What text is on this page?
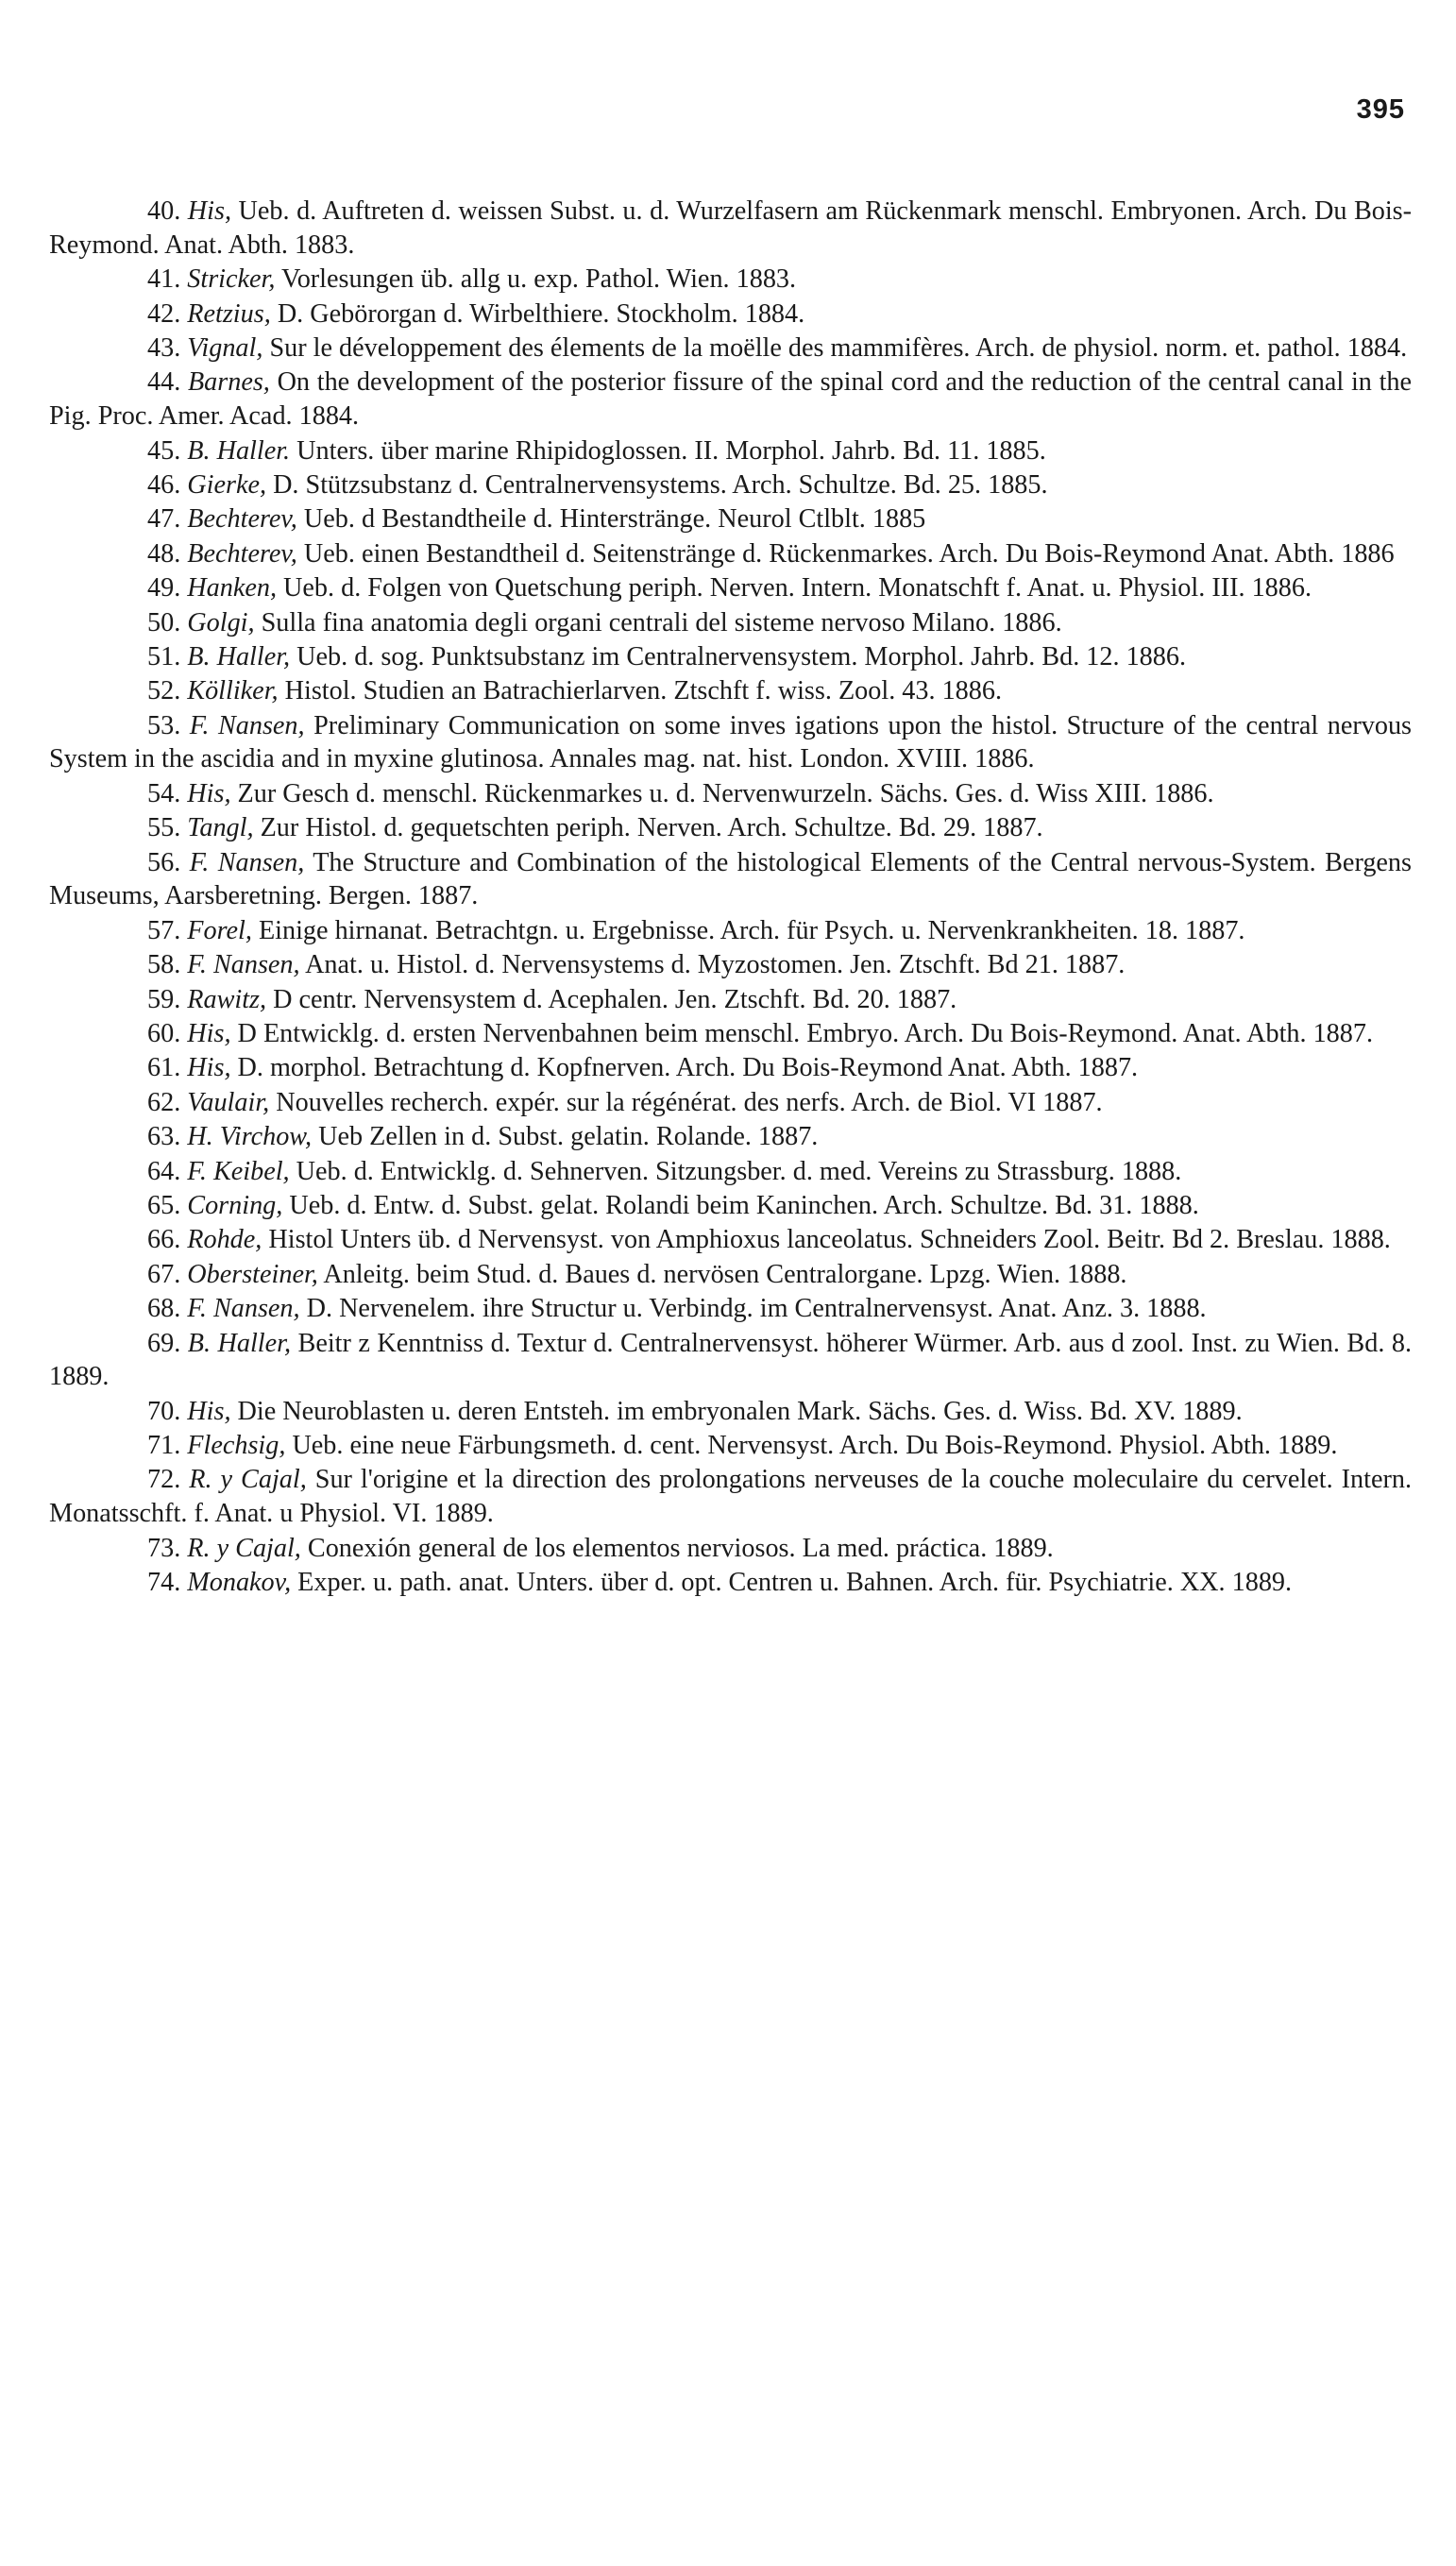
395
40. His, Ueb. d. Auftreten d. weissen Subst. u. d. Wurzelfasern am Rückenmark menschl. Embryonen. Arch. Du Bois-Reymond. Anat. Abth. 1883.
41. Stricker, Vorlesungen üb. allg u. exp. Pathol. Wien. 1883.
42. Retzius, D. Gebörorgan d. Wirbelthiere. Stockholm. 1884.
43. Vignal, Sur le développement des élements de la moëlle des mammifères. Arch. de physiol. norm. et. pathol. 1884.
44. Barnes, On the development of the posterior fissure of the spinal cord and the reduction of the central canal in the Pig. Proc. Amer. Acad. 1884.
45. B. Haller. Unters. über marine Rhipidoglossen. II. Morphol. Jahrb. Bd. 11. 1885.
46. Gierke, D. Stützsubstanz d. Centralnervensystems. Arch. Schultze. Bd. 25. 1885.
47. Bechterev, Ueb. d Bestandtheile d. Hinterstränge. Neurol Ctlblt. 1885
48. Bechterev, Ueb. einen Bestandtheil d. Seitenstränge d. Rückenmarkes. Arch. Du Bois-Reymond Anat. Abth. 1886
49. Hanken, Ueb. d. Folgen von Quetschung periph. Nerven. Intern. Monatschft f. Anat. u. Physiol. III. 1886.
50. Golgi, Sulla fina anatomia degli organi centrali del sisteme nervoso Milano. 1886.
51. B. Haller, Ueb. d. sog. Punktsubstanz im Centralnervensystem. Morphol. Jahrb. Bd. 12. 1886.
52. Kölliker, Histol. Studien an Batrachierlarven. Ztschft f. wiss. Zool. 43. 1886.
53. F. Nansen, Preliminary Communication on some inves igations upon the histol. Structure of the central nervous System in the ascidia and in myxine glutinosa. Annales mag. nat. hist. London. XVIII. 1886.
54. His, Zur Gesch d. menschl. Rückenmarkes u. d. Nervenwurzeln. Sächs. Ges. d. Wiss XIII. 1886.
55. Tangl, Zur Histol. d. gequetschten periph. Nerven. Arch. Schultze. Bd. 29. 1887.
56. F. Nansen, The Structure and Combination of the histological Elements of the Central nervous-System. Bergens Museums, Aarsberetning. Bergen. 1887.
57. Forel, Einige hirnanat. Betrachtgn. u. Ergebnisse. Arch. für Psych. u. Nervenkrankheiten. 18. 1887.
58. F. Nansen, Anat. u. Histol. d. Nervensystems d. Myzostomen. Jen. Ztschft. Bd 21. 1887.
59. Rawitz, D centr. Nervensystem d. Acephalen. Jen. Ztschft. Bd. 20. 1887.
60. His, D Entwicklg. d. ersten Nervenbahnen beim menschl. Embryo. Arch. Du Bois-Reymond. Anat. Abth. 1887.
61. His, D. morphol. Betrachtung d. Kopfnerven. Arch. Du Bois-Reymond Anat. Abth. 1887.
62. Vaulair, Nouvelles recherch. expér. sur la régénérat. des nerfs. Arch. de Biol. VI 1887.
63. H. Virchow, Ueb Zellen in d. Subst. gelatin. Rolande. 1887.
64. F. Keibel, Ueb. d. Entwicklg. d. Sehnerven. Sitzungsber. d. med. Vereins zu Strassburg. 1888.
65. Corning, Ueb. d. Entw. d. Subst. gelat. Rolandi beim Kaninchen. Arch. Schultze. Bd. 31. 1888.
66. Rohde, Histol Unters üb. d Nervensyst. von Amphioxus lanceolatus. Schneiders Zool. Beitr. Bd 2. Breslau. 1888.
67. Obersteiner, Anleitg. beim Stud. d. Baues d. nervösen Centralorgane. Lpzg. Wien. 1888.
68. F. Nansen, D. Nervenelem. ihre Structur u. Verbindg. im Centralnervensyst. Anat. Anz. 3. 1888.
69. B. Haller, Beitr z Kenntniss d. Textur d. Centralnervensyst. höherer Würmer. Arb. aus d zool. Inst. zu Wien. Bd. 8. 1889.
70. His, Die Neuroblasten u. deren Entsteh. im embryonalen Mark. Sächs. Ges. d. Wiss. Bd. XV. 1889.
71. Flechsig, Ueb. eine neue Färbungsmeth. d. cent. Nervensyst. Arch. Du Bois-Reymond. Physiol. Abth. 1889.
72. R. y Cajal, Sur l'origine et la direction des prolongations nerveuses de la couche moleculaire du cervelet. Intern. Monatsschft. f. Anat. u Physiol. VI. 1889.
73. R. y Cajal, Conexión general de los elementos nerviosos. La med. práctica. 1889.
74. Monakov, Exper. u. path. anat. Unters. über d. opt. Centren u. Bahnen. Arch. für. Psychiatrie. XX. 1889.
